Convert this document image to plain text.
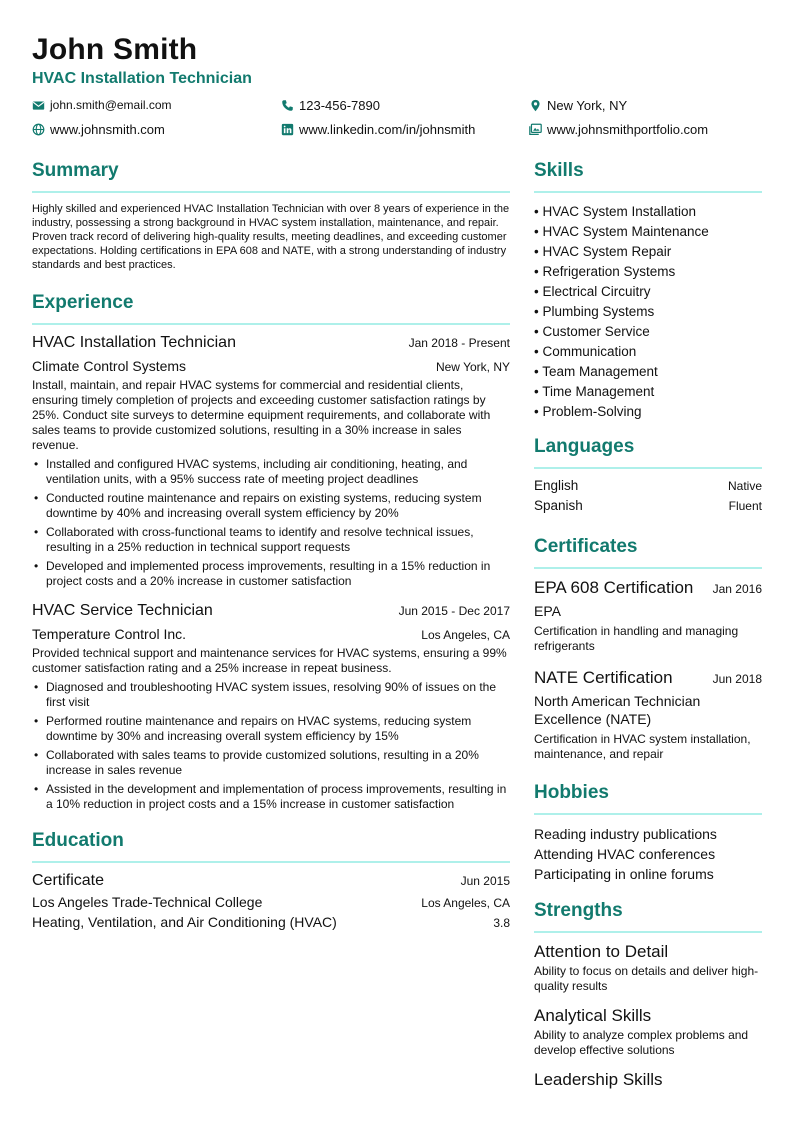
John Smith
HVAC Installation Technician
john.smith@email.com	123-456-7890	New York, NY
www.johnsmith.com	www.linkedin.com/in/johnsmith	www.johnsmithportfolio.com
Summary
Highly skilled and experienced HVAC Installation Technician with over 8 years of experience in the industry, possessing a strong background in HVAC system installation, maintenance, and repair. Proven track record of delivering high-quality results, meeting deadlines, and exceeding customer expectations. Holding certifications in EPA 608 and NATE, with a strong understanding of industry standards and best practices.
Experience
HVAC Installation Technician	Jan 2018 - Present
Climate Control Systems	New York, NY
Install, maintain, and repair HVAC systems for commercial and residential clients, ensuring timely completion of projects and exceeding customer satisfaction ratings by 25%. Conduct site surveys to determine equipment requirements, and collaborate with sales teams to provide customized solutions, resulting in a 30% increase in sales revenue.
• Installed and configured HVAC systems, including air conditioning, heating, and ventilation units, with a 95% success rate of meeting project deadlines
• Conducted routine maintenance and repairs on existing systems, reducing system downtime by 40% and increasing overall system efficiency by 20%
• Collaborated with cross-functional teams to identify and resolve technical issues, resulting in a 25% reduction in technical support requests
• Developed and implemented process improvements, resulting in a 15% reduction in project costs and a 20% increase in customer satisfaction
HVAC Service Technician	Jun 2015 - Dec 2017
Temperature Control Inc.	Los Angeles, CA
Provided technical support and maintenance services for HVAC systems, ensuring a 99% customer satisfaction rating and a 25% increase in repeat business.
• Diagnosed and troubleshooting HVAC system issues, resolving 90% of issues on the first visit
• Performed routine maintenance and repairs on HVAC systems, reducing system downtime by 30% and increasing overall system efficiency by 15%
• Collaborated with sales teams to provide customized solutions, resulting in a 20% increase in sales revenue
• Assisted in the development and implementation of process improvements, resulting in a 10% reduction in project costs and a 15% increase in customer satisfaction
Education
Certificate	Jun 2015
Los Angeles Trade-Technical College	Los Angeles, CA
Heating, Ventilation, and Air Conditioning (HVAC)	3.8
Skills
• HVAC System Installation
• HVAC System Maintenance
• HVAC System Repair
• Refrigeration Systems
• Electrical Circuitry
• Plumbing Systems
• Customer Service
• Communication
• Team Management
• Time Management
• Problem-Solving
Languages
English	Native
Spanish	Fluent
Certificates
EPA 608 Certification Jan 2016
EPA
Certification in handling and managing refrigerants
NATE Certification	Jun 2018
North American Technician Excellence (NATE)
Certification in HVAC system installation, maintenance, and repair
Hobbies
Reading industry publications
Attending HVAC conferences
Participating in online forums
Strengths
Attention to Detail
Ability to focus on details and deliver high-quality results
Analytical Skills
Ability to analyze complex problems and develop effective solutions
Leadership Skills
